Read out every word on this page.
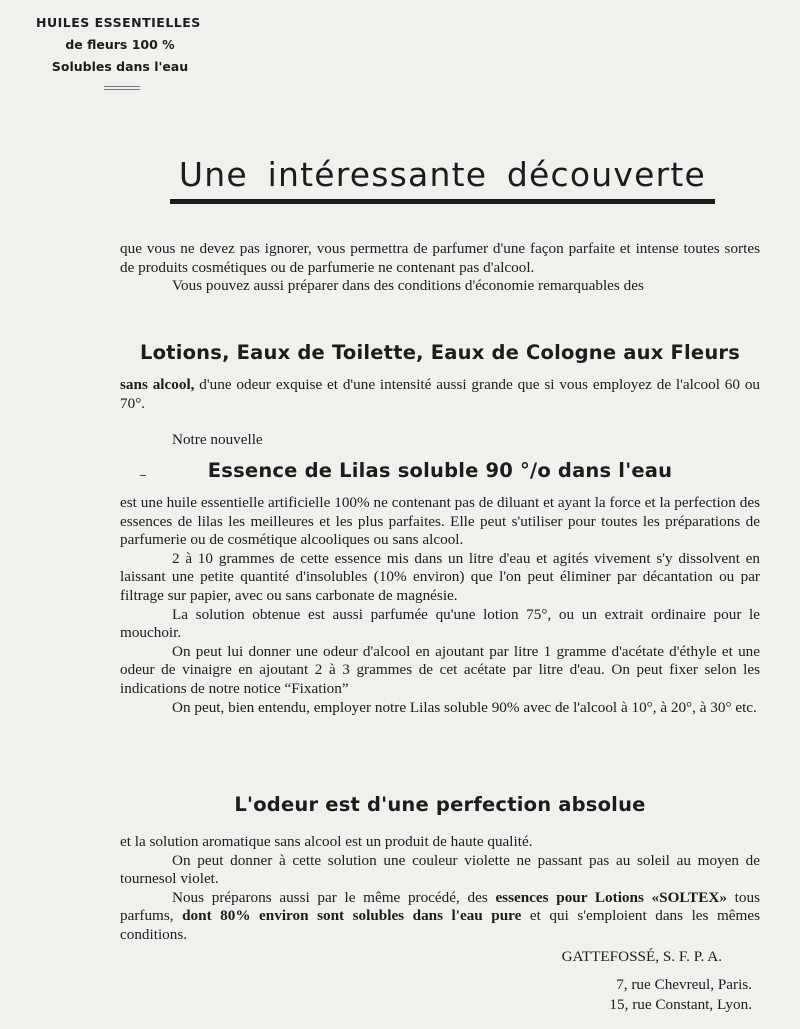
HUILES ESSENTIELLES
de fleurs 100 %
Solubles dans l'eau
Une intéressante découverte

que vous ne devez pas ignorer, vous permettra de parfumer d'une façon parfaite et intense toutes sortes de produits cosmétiques ou de parfumerie ne contenant pas d'alcool.

Vous pouvez aussi préparer dans des conditions d'économie remarquables des

Lotions, Eaux de Toilette, Eaux de Cologne aux Fleurs

sans alcool, d'une odeur exquise et d'une intensité aussi grande que si vous employez de l'alcool 60 ou 70°.

Notre nouvelle

Essence de Lilas soluble 90 °/o dans l'eau

est une huile essentielle artificielle 100% ne contenant pas de diluant et ayant la force et la perfection des essences de lilas les meilleures et les plus parfaites. Elle peut s'utiliser pour toutes les préparations de parfumerie ou de cosmétique alcooliques ou sans alcool.

2 à 10 grammes de cette essence mis dans un litre d'eau et agités vivement s'y dissolvent en laissant une petite quantité d'insolubles (10% environ) que l'on peut éliminer par décantation ou par filtrage sur papier, avec ou sans carbonate de magnésie.

La solution obtenue est aussi parfumée qu'une lotion 75°, ou un extrait ordinaire pour le mouchoir.

On peut lui donner une odeur d'alcool en ajoutant par litre 1 gramme d'acétate d'éthyle et une odeur de vinaigre en ajoutant 2 à 3 grammes de cet acétate par litre d'eau. On peut fixer selon les indications de notre notice “Fixation”

On peut, bien entendu, employer notre Lilas soluble 90% avec de l'alcool à 10°, à 20°, à 30° etc.

L'odeur est d'une perfection absolue

et la solution aromatique sans alcool est un produit de haute qualité.

On peut donner à cette solution une couleur violette ne passant pas au soleil au moyen de tournesol violet.

Nous préparons aussi par le même procédé, des essences pour Lotions «SOLTEX» tous parfums, dont 80% environ sont solubles dans l'eau pure et qui s'emploient dans les mêmes conditions.

GATTEFOSSÉ, S. F. P. A.

7, rue Chevreul, Paris.

15, rue Constant, Lyon.
